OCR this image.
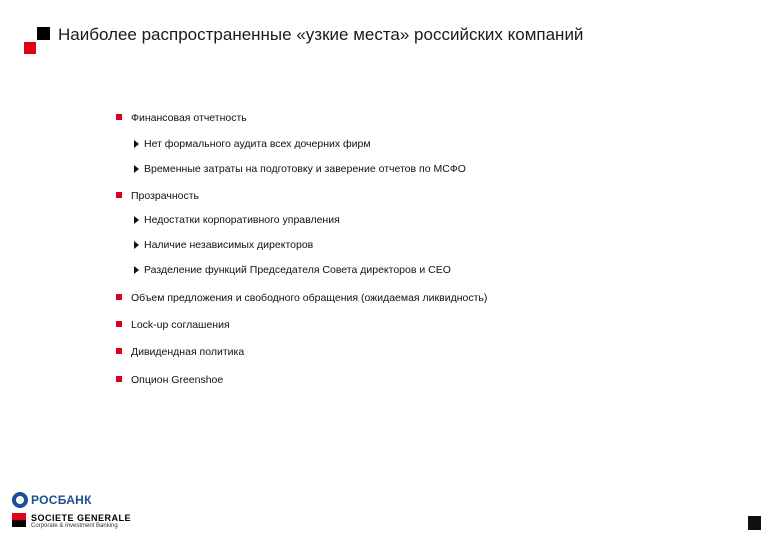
Наиболее распространенные «узкие места» российских компаний
Финансовая отчетность
Нет формального аудита всех дочерних фирм
Временные затраты на подготовку и заверение отчетов по МСФО
Прозрачность
Недостатки корпоративного управления
Наличие независимых директоров
Разделение функций Председателя Совета директоров и CEO
Объем предложения и свободного обращения (ожидаемая ликвидность)
Lock-up соглашения
Дивидендная политика
Опцион Greenshoe
РОСБАНК
SOCIETE GENERALE
Corporate & Investment Banking
